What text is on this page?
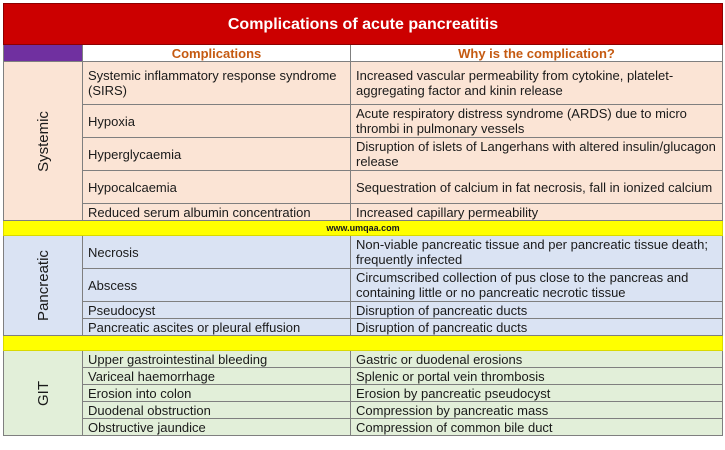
Complications of acute pancreatitis		
	Complications	Why is the complication?
Systemic	Systemic inflammatory response syndrome (SIRS)	Increased vascular permeability from cytokine, platelet-aggregating factor and kinin release
	Hypoxia	Acute respiratory distress syndrome (ARDS) due to micro thrombi in pulmonary vessels
	Hyperglycaemia	Disruption of islets of Langerhans with altered insulin/glucagon release
	Hypocalcaemia	Sequestration of calcium in fat necrosis, fall in ionized calcium
	Reduced serum albumin concentration	Increased capillary permeability
www.umqaa.com		
Pancreatic	Necrosis	Non-viable pancreatic tissue and per pancreatic tissue death; frequently infected
	Abscess	Circumscribed collection of pus close to the pancreas and containing little or no pancreatic necrotic tissue
	Pseudocyst	Disruption of pancreatic ducts
	Pancreatic ascites or pleural effusion	Disruption of pancreatic ducts

GIT	Upper gastrointestinal bleeding	Gastric or duodenal erosions
	Variceal haemorrhage	Splenic or portal vein thrombosis
	Erosion into colon	Erosion by pancreatic pseudocyst
	Duodenal obstruction	Compression by pancreatic mass
	Obstructive jaundice	Compression of common bile duct
